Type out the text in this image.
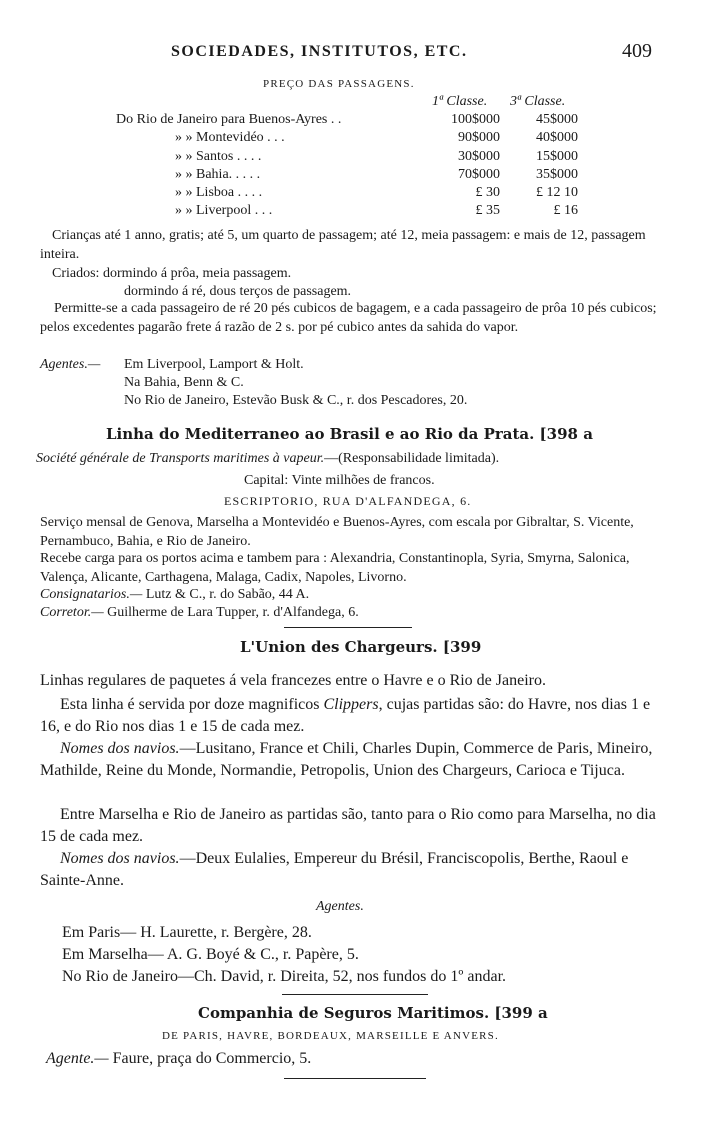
SOCIEDADES, INSTITUTOS, ETC.	409
PREÇO DAS PASSAGENS.
1ª Classe. 3ª Classe.
Do Rio de Janeiro para Buenos-Ayres . .	100$000	45$000
» » Montevidéo . . .	90$000	40$000
» » Santos . . . .	30$000	15$000
» » Bahia. . . . .	70$000	35$000
» » Lisboa . . . .	£ 30	£ 12 10
» » Liverpool . . .	£ 35	£ 16
Crianças até 1 anno, gratis; até 5, um quarto de passagem; até 12, meia passagem: e mais de 12, passagem inteira.
Criados: dormindo á prôa, meia passagem.
dormindo á ré, dous terços de passagem.
Permitte-se a cada passageiro de ré 20 pés cubicos de bagagem, e a cada passageiro de prôa 10 pés cubicos; pelos excedentes pagarão frete á razão de 2 s. por pé cubico antes da sahida do vapor.
Agentes.— Em Liverpool, Lamport & Holt.
Na Bahia, Benn & C.
No Rio de Janeiro, Estevão Busk & C., r. dos Pescadores, 20.
Linha do Mediterraneo ao Brasil e ao Rio da Prata. [398 a
Société générale de Transports maritimes à vapeur.—(Responsabilidade limitada).
Capital: Vinte milhões de francos.
ESCRIPTORIO, RUA D'ALFANDEGA, 6.
Serviço mensal de Genova, Marselha a Montevidéo e Buenos-Ayres, com escala por Gibraltar, S. Vicente, Pernambuco, Bahia, e Rio de Janeiro.
Recebe carga para os portos acima e tambem para : Alexandria, Constantinopla, Syria, Smyrna, Salonica, Valença, Alicante, Carthagena, Malaga, Cadix, Napoles, Livorno.
Consignatarios.— Lutz & C., r. do Sabão, 44 A.
Corretor.— Guilherme de Lara Tupper, r. d'Alfandega, 6.
L'Union des Chargeurs. [399
Linhas regulares de paquetes á vela francezes entre o Havre e o Rio de Janeiro.
Esta linha é servida por doze magnificos Clippers, cujas partidas são: do Havre, nos dias 1 e 16, e do Rio nos dias 1 e 15 de cada mez.
Nomes dos navios.—Lusitano, France et Chili, Charles Dupin, Commerce de Paris, Mineiro, Mathilde, Reine du Monde, Normandie, Petropolis, Union des Chargeurs, Carioca e Tijuca.
Entre Marselha e Rio de Janeiro as partidas são, tanto para o Rio como para Marselha, no dia 15 de cada mez.
Nomes dos navios.—Deux Eulalies, Empereur du Brésil, Franciscopolis, Berthe, Raoul e Sainte-Anne.
Agentes.
Em Paris— H. Laurette, r. Bergère, 28.
Em Marselha— A. G. Boyé & C., r. Papère, 5.
No Rio de Janeiro—Ch. David, r. Direita, 52, nos fundos do 1º andar.
Companhia de Seguros Maritimos. [399 a
DE PARIS, HAVRE, BORDEAUX, MARSEILLE E ANVERS.
Agente.— Faure, praça do Commercio, 5.
